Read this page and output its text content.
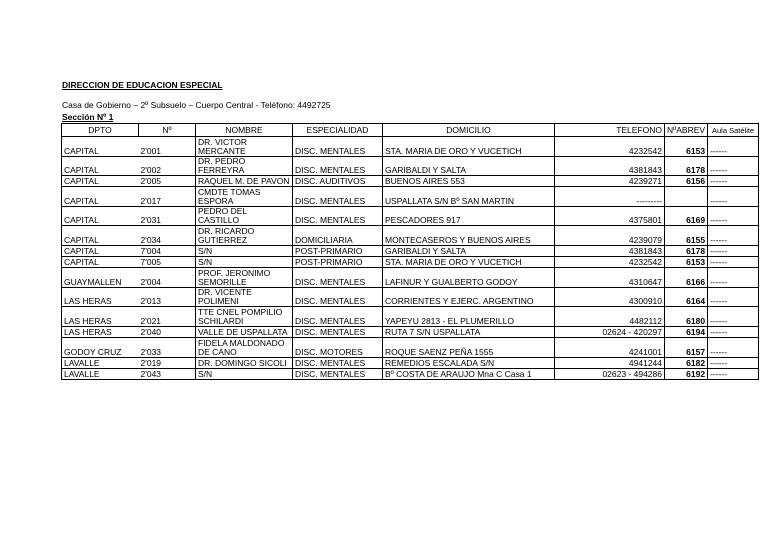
DIRECCION DE EDUCACION ESPECIAL
Casa de Gobierno – 2º Subsuelo – Cuerpo Central - Teléfono: 4492725
Sección Nº 1
DPTO	Nº	NOMBRE	ESPECIALIDAD	DOMICILIO	TELEFONO	NºABREV	Aula Satélite
CAPITAL	2'001	DR. VICTOR MERCANTE	DISC. MENTALES	STA. MARIA DE ORO Y VUCETICH	4232542	6153	------
CAPITAL	2'002	DR. PEDRO FERREYRA	DISC. MENTALES	GARIBALDI Y SALTA	4381843	6178	------
CAPITAL	2'005	RAQUEL M. DE PAVON	DISC. AUDITIVOS	BUENOS AIRES 553	4239271	6156	------
CAPITAL	2'017	CMDTE TOMAS ESPORA	DISC. MENTALES	USPALLATA S/N Bº SAN MARTIN	---------		------
CAPITAL	2'031	PEDRO DEL CASTILLO	DISC. MENTALES	PESCADORES 917	4375801	6169	------
CAPITAL	2'034	DR. RICARDO GUTIERREZ	DOMICILIARIA	MONTECASEROS Y BUENOS AIRES	4239079	6155	------
CAPITAL	7'004	S/N	POST-PRIMARIO	GARIBALDI Y SALTA	4381843	6178	------
CAPITAL	7'005	S/N	POST-PRIMARIO	STA. MARIA DE ORO Y VUCETICH	4232542	6153	------
GUAYMALLEN	2'004	PROF. JERONIMO SEMORILLE	DISC. MENTALES	LAFINUR Y GUALBERTO GODOY	4310647	6166	------
LAS HERAS	2'013	DR. VICENTE POLIMENI	DISC. MENTALES	CORRIENTES Y EJERC. ARGENTINO	4300910	6164	------
LAS HERAS	2'021	TTE CNEL POMPILIO SCHILARDI	DISC. MENTALES	YAPEYU 2813 - EL PLUMERILLO	4482112	6180	------
LAS HERAS	2'040	VALLE DE USPALLATA	DISC. MENTALES	RUTA 7 S/N USPALLATA	02624 - 420297	6194	------
GODOY CRUZ	2'033	FIDELA MALDONADO DE CANO	DISC. MOTORES	ROQUE SAENZ PEÑA 1555	4241001	6157	------
LAVALLE	2'019	DR. DOMINGO SICOLI	DISC. MENTALES	REMEDIOS ESCALADA S/N	4941244	6182	------
LAVALLE	2'043	S/N	DISC. MENTALES	Bº COSTA DE ARAUJO Mna C Casa 1	02623 - 494286	6192	------
